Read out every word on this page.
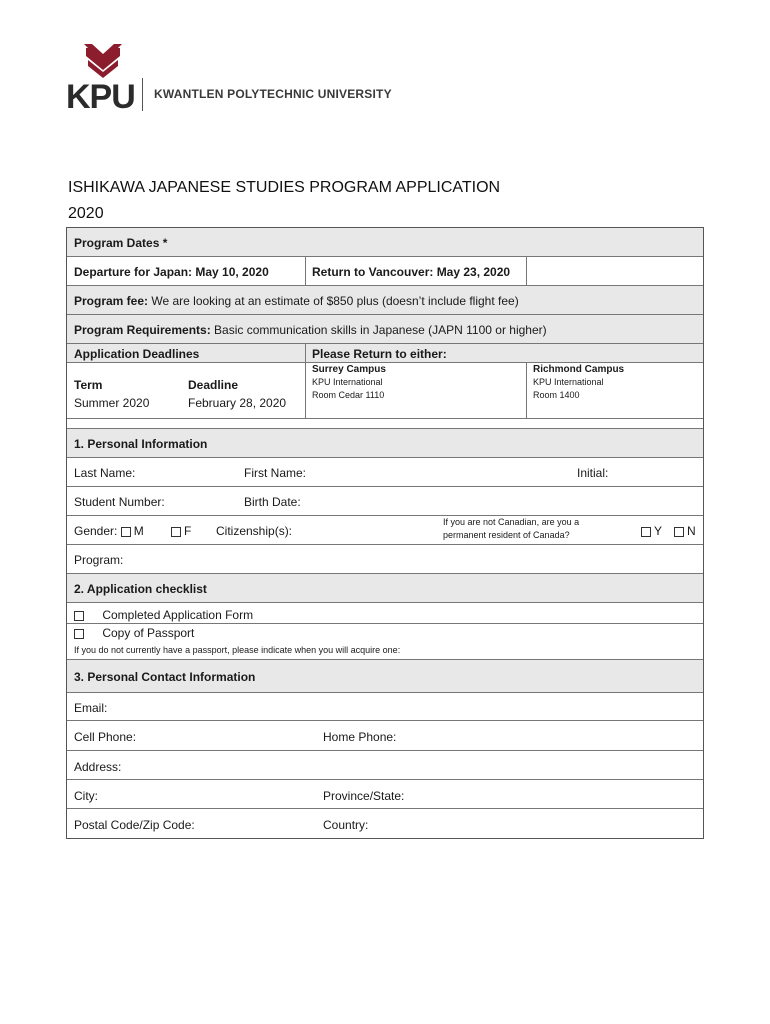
KPU KWANTLEN POLYTECHNIC UNIVERSITY
ISHIKAWA JAPANESE STUDIES PROGRAM APPLICATION
2020
Program Dates *
Departure for Japan: May 10, 2020	Return to Vancouver: May 23, 2020
Program fee: We are looking at an estimate of $850 plus (doesn’t include flight fee)
Program Requirements: Basic communication skills in Japanese (JAPN 1100 or higher)
Application Deadlines	Please Return to either:
Term	Deadline
Summer 2020	February 28, 2020
Surrey Campus
KPU International
Room Cedar 1110
Richmond Campus
KPU International
Room 1400
1. Personal Information
Last Name:	First Name:	Initial:
Student Number:	Birth Date:
Gender: M	F Citizenship(s):
If you are not Canadian, are you a
permanent resident of Canada?	Y	N
Program:
2. Application checklist
Completed Application Form
Copy of Passport
If you do not currently have a passport, please indicate when you will acquire one:
3. Personal Contact Information
Email:
Cell Phone:	Home Phone:
Address:
City:	Province/State:
Postal Code/Zip Code:	Country:
